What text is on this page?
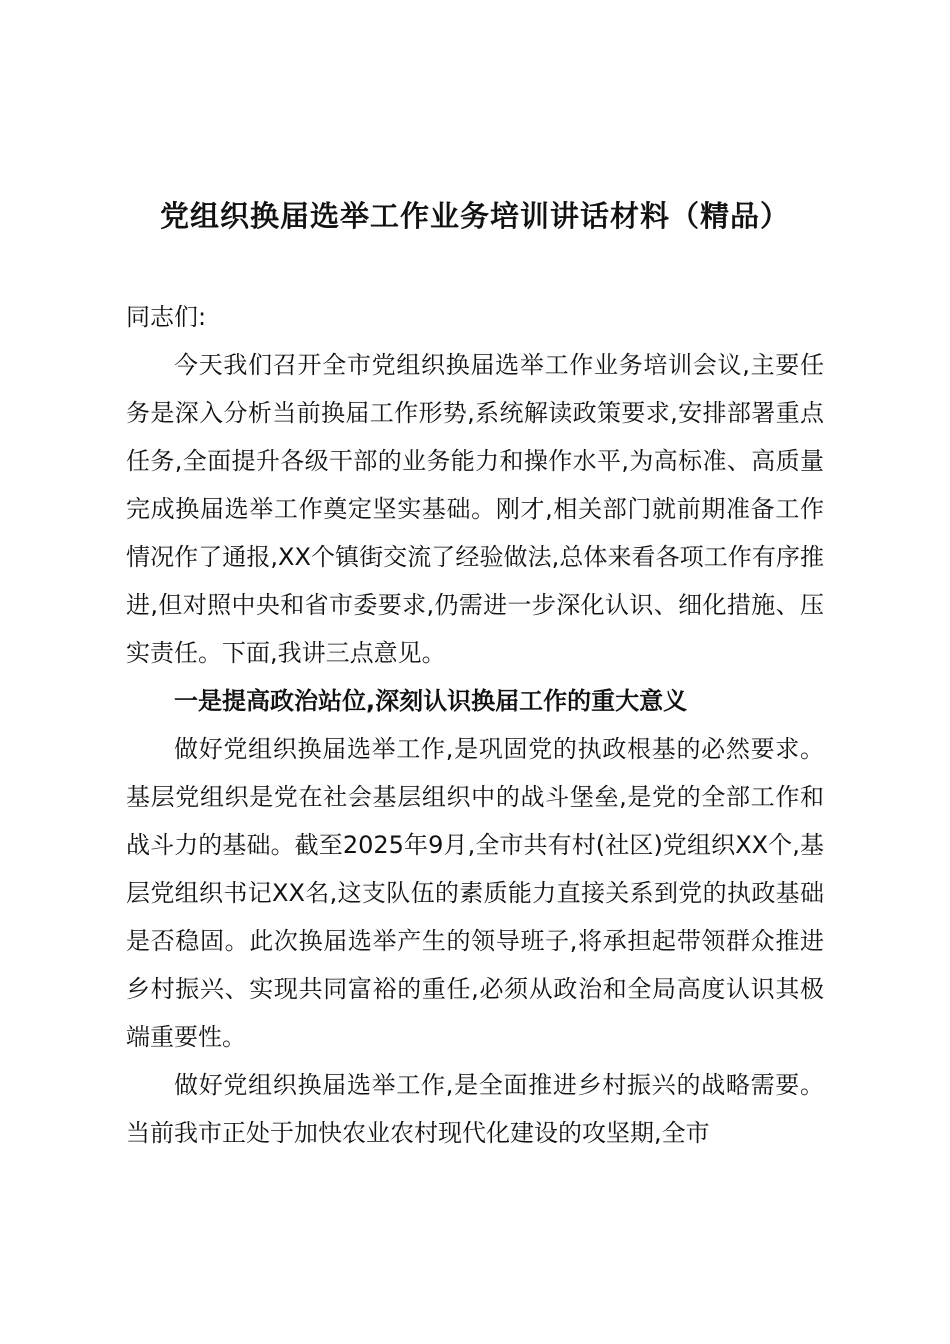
党组织换届选举工作业务培训讲话材料（精品）

同志们:

今天我们召开全市党组织换届选举工作业务培训会议,主要任务是深入分析当前换届工作形势,系统解读政策要求,安排部署重点任务,全面提升各级干部的业务能力和操作水平,为高标准、高质量完成换届选举工作奠定坚实基础。刚才,相关部门就前期准备工作情况作了通报,XX个镇街交流了经验做法,总体来看各项工作有序推进,但对照中央和省市委要求,仍需进一步深化认识、细化措施、压实责任。下面,我讲三点意见。

一是提高政治站位,深刻认识换届工作的重大意义

做好党组织换届选举工作,是巩固党的执政根基的必然要求。基层党组织是党在社会基层组织中的战斗堡垒,是党的全部工作和战斗力的基础。截至2025年9月,全市共有村(社区)党组织XX个,基层党组织书记XX名,这支队伍的素质能力直接关系到党的执政基础是否稳固。此次换届选举产生的领导班子,将承担起带领群众推进乡村振兴、实现共同富裕的重任,必须从政治和全局高度认识其极端重要性。

做好党组织换届选举工作,是全面推进乡村振兴的战略需要。当前我市正处于加快农业农村现代化建设的攻坚期,全市
